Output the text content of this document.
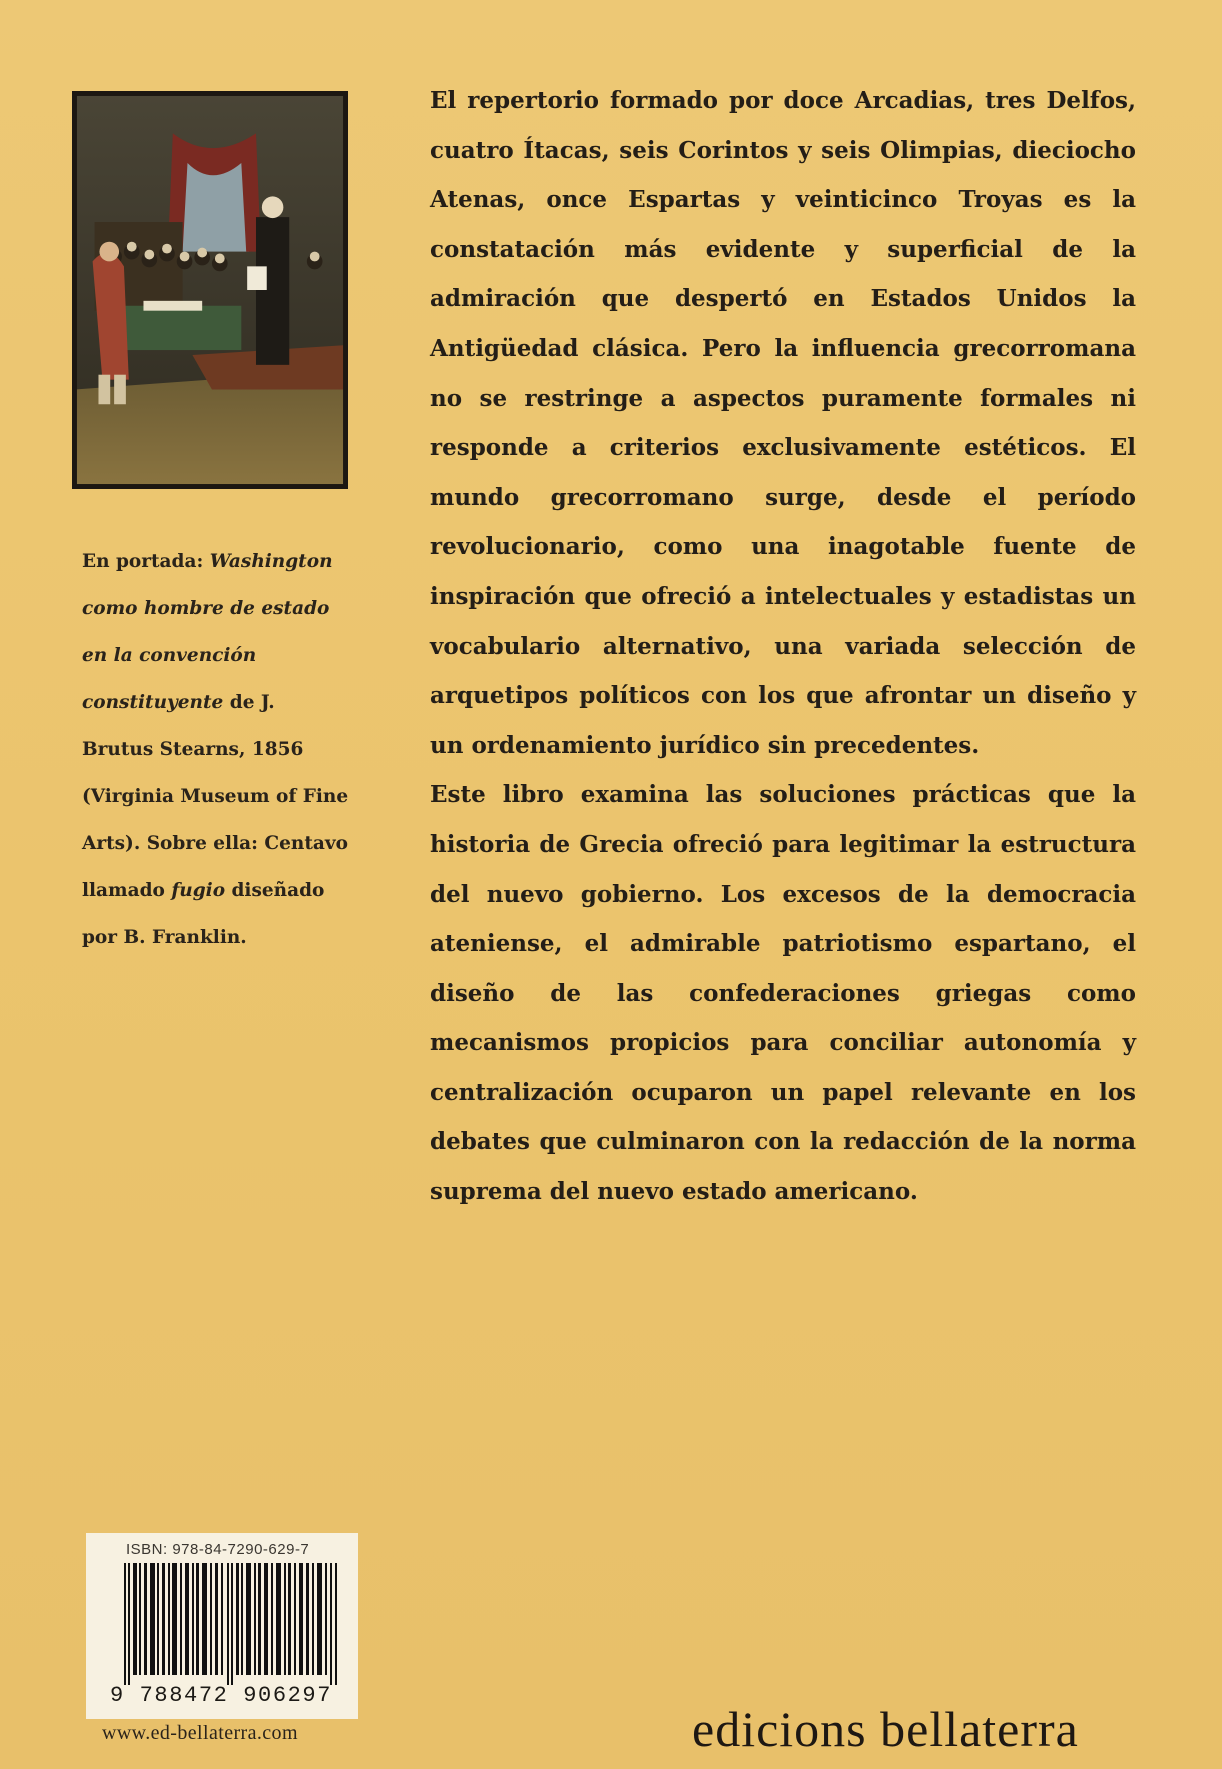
En portada: Washington como hombre de estado en la convención constituyente de J. Brutus Stearns, 1856 (Virginia Museum of Fine Arts). Sobre ella: Centavo llamado fugio diseñado por B. Franklin.

El repertorio formado por doce Arcadias, tres Delfos, cuatro Ítacas, seis Corintos y seis Olimpias, dieciocho Atenas, once Espartas y veinticinco Troyas es la constatación más evidente y superficial de la admiración que despertó en Estados Unidos la Antigüedad clásica. Pero la influencia grecorromana no se restringe a aspectos puramente formales ni responde a criterios exclusivamente estéticos. El mundo grecorromano surge, desde el período revolucionario, como una inagotable fuente de inspiración que ofreció a intelectuales y estadistas un vocabulario alternativo, una variada selección de arquetipos políticos con los que afrontar un diseño y un ordenamiento jurídico sin precedentes.

Este libro examina las soluciones prácticas que la historia de Grecia ofreció para legitimar la estructura del nuevo gobierno. Los excesos de la democracia ateniense, el admirable patriotismo espartano, el diseño de las confederaciones griegas como mecanismos propicios para conciliar autonomía y centralización ocuparon un papel relevante en los debates que culminaron con la redacción de la norma suprema del nuevo estado americano.

ISBN: 978-84-7290-629-7
9 788472 906297
www.ed-bellaterra.com	edicions bellaterra
